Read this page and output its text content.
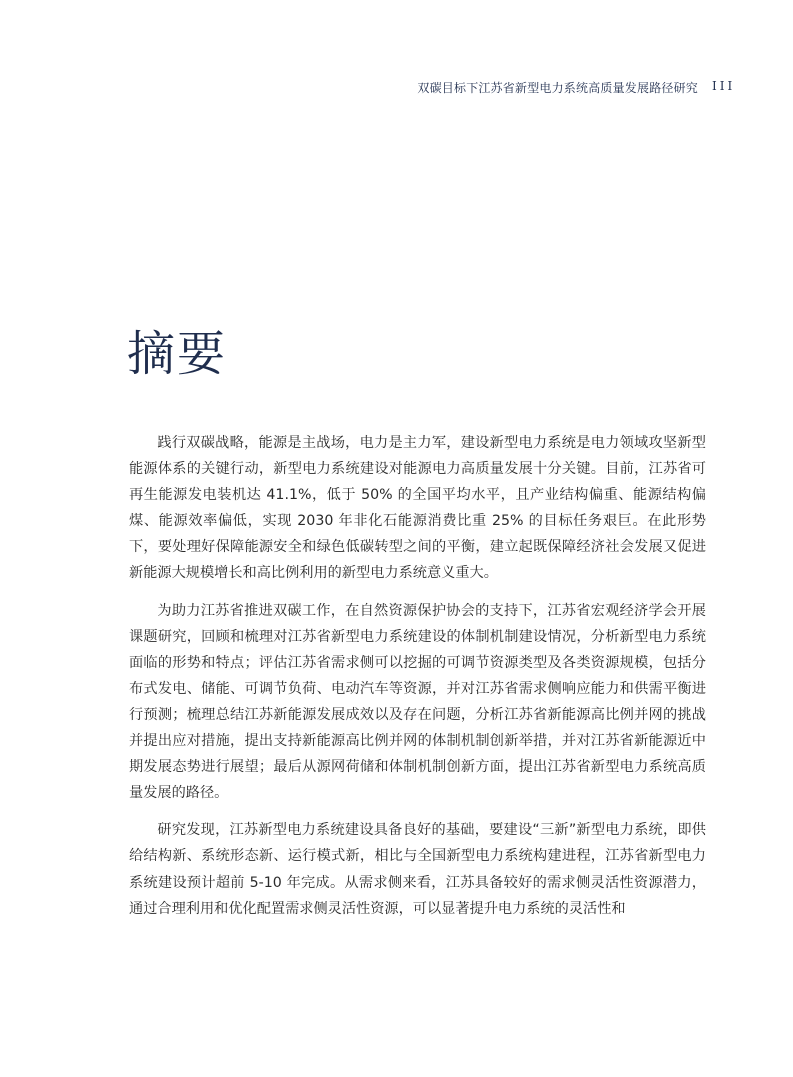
双碳目标下江苏省新型电力系统高质量发展路径研究 III
摘要

践行双碳战略，能源是主战场，电力是主力军，建设新型电力系统是电力领域攻坚新型能源体系的关键行动，新型电力系统建设对能源电力高质量发展十分关键。目前，江苏省可再生能源发电装机达 41.1%，低于 50% 的全国平均水平，且产业结构偏重、能源结构偏煤、能源效率偏低，实现 2030 年非化石能源消费比重 25% 的目标任务艰巨。在此形势下，要处理好保障能源安全和绿色低碳转型之间的平衡，建立起既保障经济社会发展又促进新能源大规模增长和高比例利用的新型电力系统意义重大。

为助力江苏省推进双碳工作，在自然资源保护协会的支持下，江苏省宏观经济学会开展课题研究，回顾和梳理对江苏省新型电力系统建设的体制机制建设情况，分析新型电力系统面临的形势和特点；评估江苏省需求侧可以挖掘的可调节资源类型及各类资源规模，包括分布式发电、储能、可调节负荷、电动汽车等资源，并对江苏省需求侧响应能力和供需平衡进行预测；梳理总结江苏新能源发展成效以及存在问题，分析江苏省新能源高比例并网的挑战并提出应对措施，提出支持新能源高比例并网的体制机制创新举措，并对江苏省新能源近中期发展态势进行展望；最后从源网荷储和体制机制创新方面，提出江苏省新型电力系统高质量发展的路径。

研究发现，江苏新型电力系统建设具备良好的基础，要建设“三新”新型电力系统，即供给结构新、系统形态新、运行模式新，相比与全国新型电力系统构建进程，江苏省新型电力系统建设预计超前 5-10 年完成。从需求侧来看，江苏具备较好的需求侧灵活性资源潜力，通过合理利用和优化配置需求侧灵活性资源，可以显著提升电力系统的灵活性和
